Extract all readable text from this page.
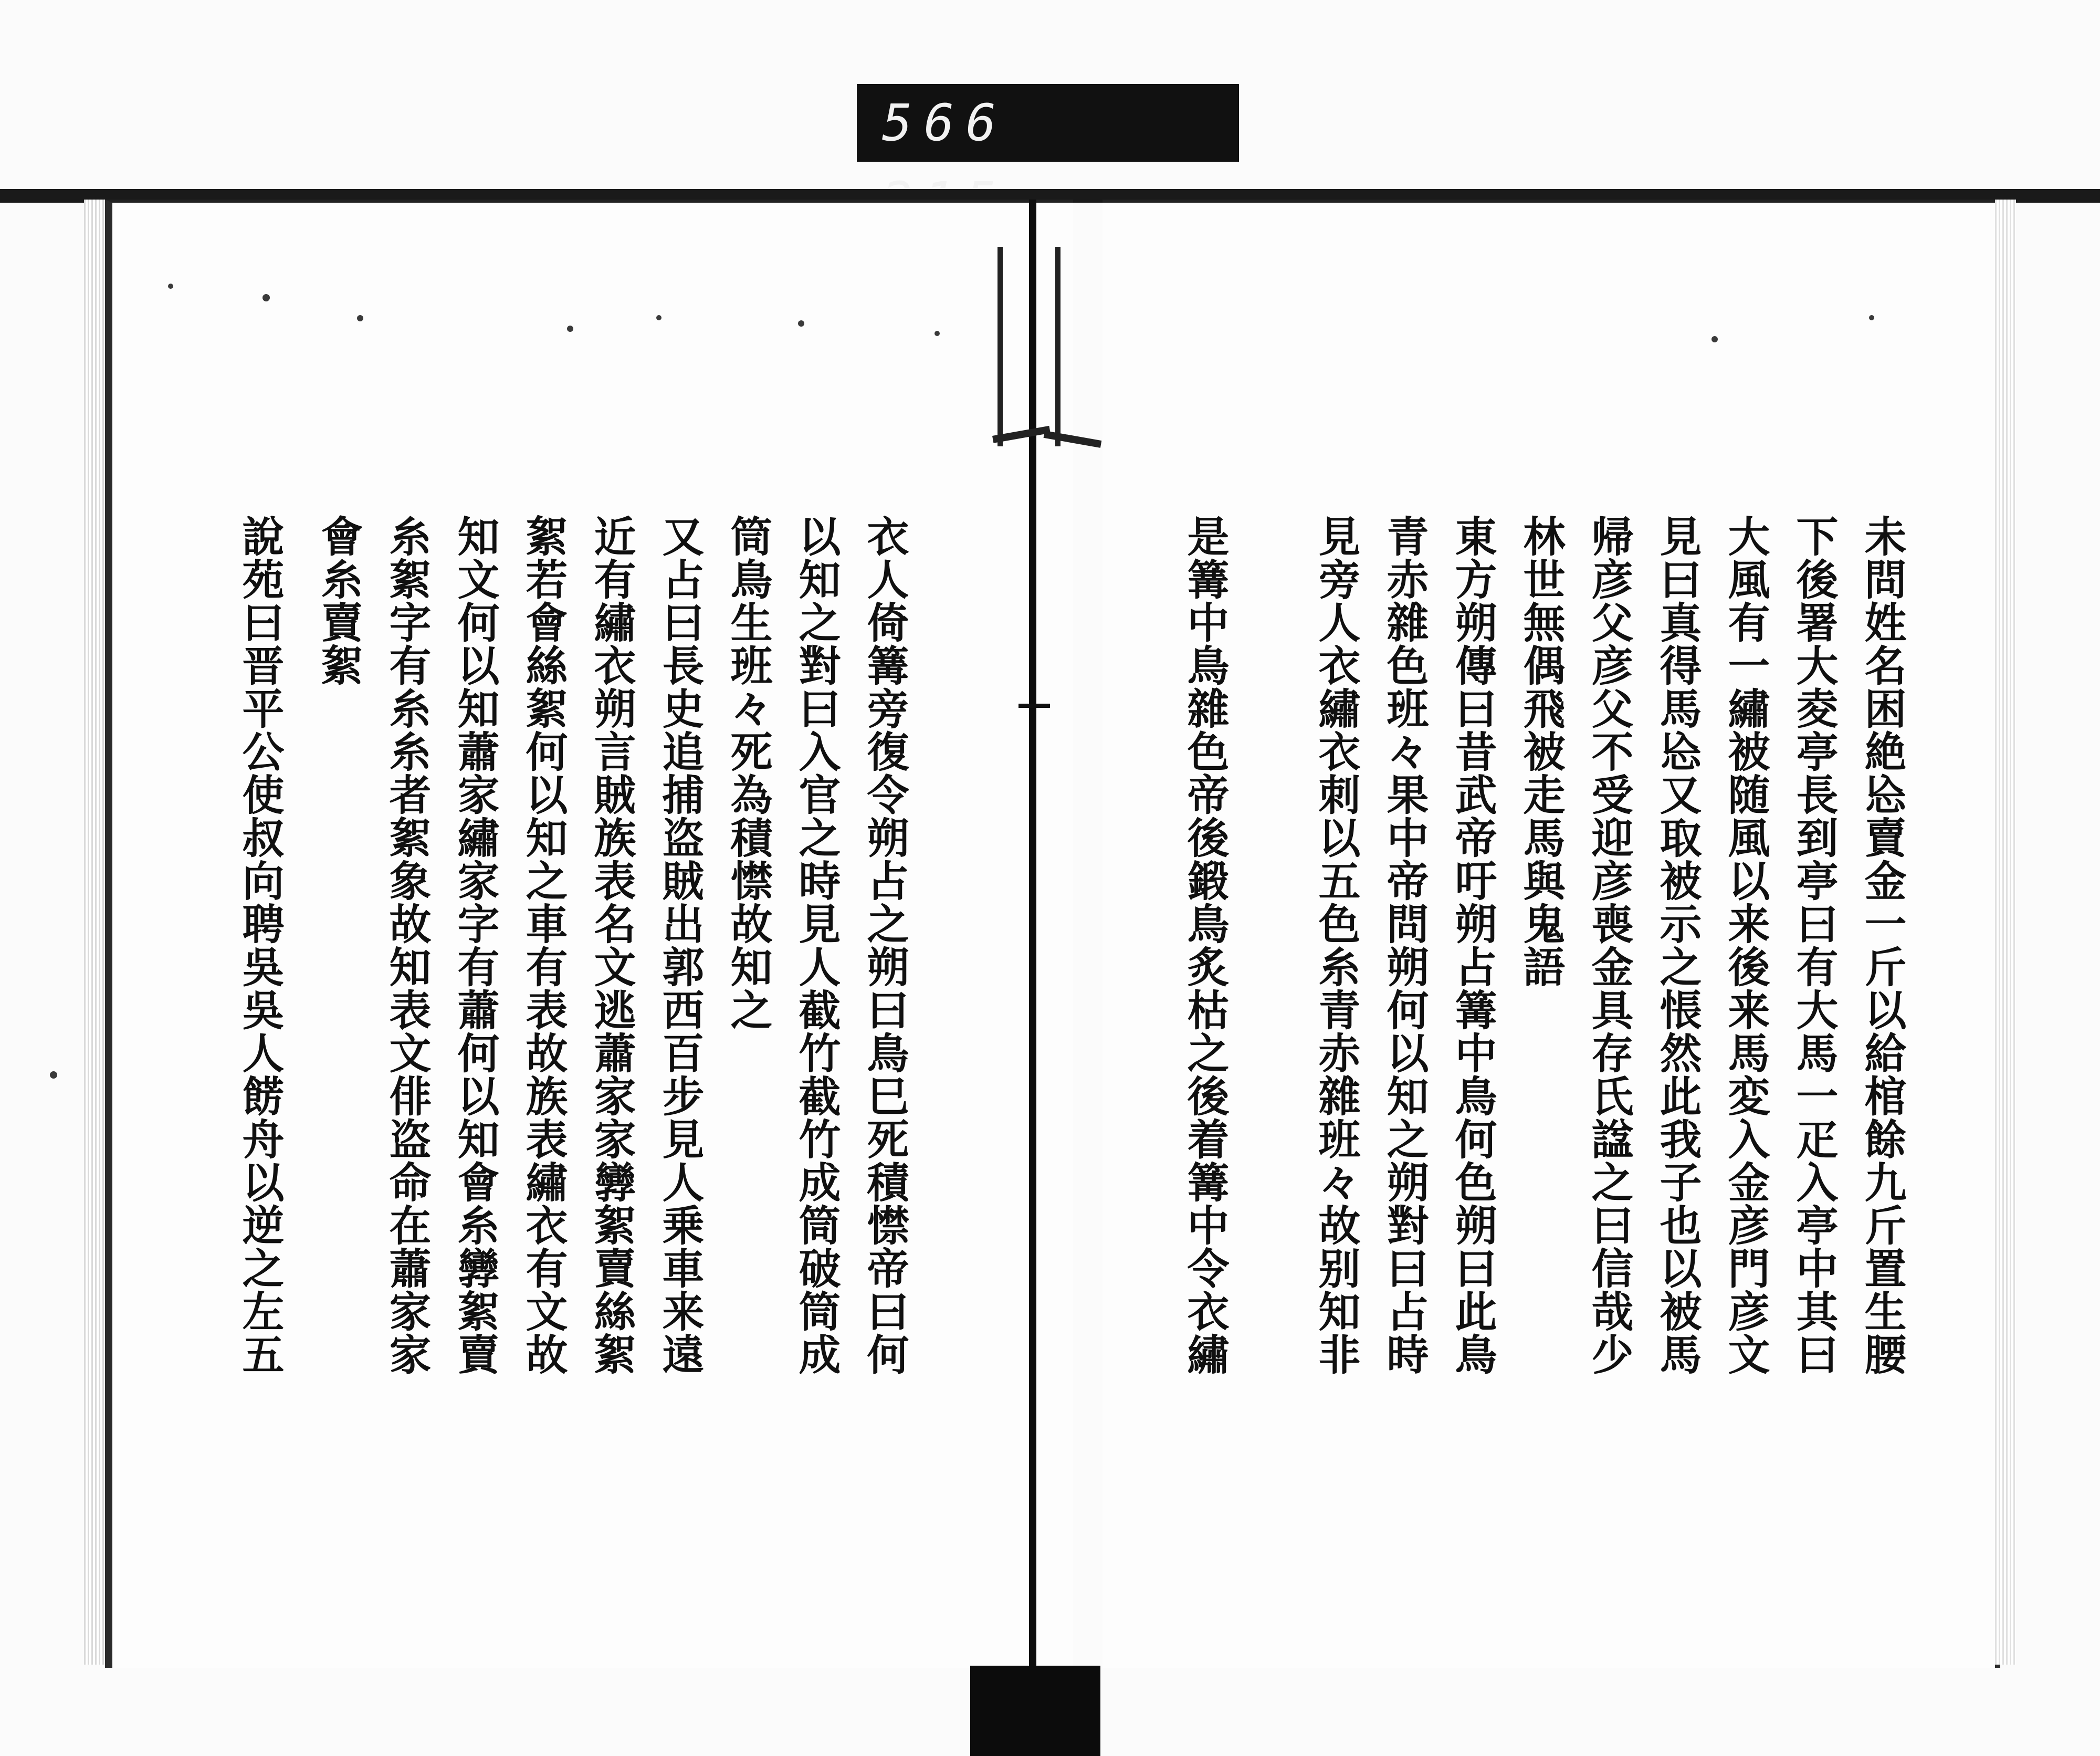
566
未問姓名困絶㤀賣金一斤以給棺餘九斤置生腰
下後署大夌亭長到亭曰有大馬一疋入亭中其曰
大風有一繡被随風以来後来馬変入金彦門彦文
見曰真得馬㤀又取被示之悵然此我子也以被馬
帰彦父彦父不受迎彦喪金具存氏諡之曰信哉少
林世無偶飛被走馬與鬼語
東方朔傳曰昔武帝吁朔占篝中鳥何色朔曰此鳥
青赤雜色班々果中帝問朔何以知之朔對曰占時
見旁人衣繡衣刺以五色糸青赤雜班々故别知非
是篝中鳥雜色帝後鍛鳥炙枯之後着篝中令衣繡
衣人倚篝旁復令朔占之朔曰鳥巳死積㦗帝曰何
以知之對曰入官之時見人截竹截竹成筒破筒成
筒鳥生班々死為積㦗故知之
又占曰長史追捕盗賊出郭西百步見人乗車来遠
近有繡衣朔言賊族表名文逃蕭家家㝈絮賣絲絮
絮若會絲絮何以知之車有表故族表繡衣有文故
知文何以知蕭家繡家字有蕭何以知會糸㝈絮賣
糸絮字有糸糸者絮象故知表文俳盗命在蕭家家
會糸賣絮
說苑曰晋平公使叔向聘吳吳人餝舟以逆之左五
